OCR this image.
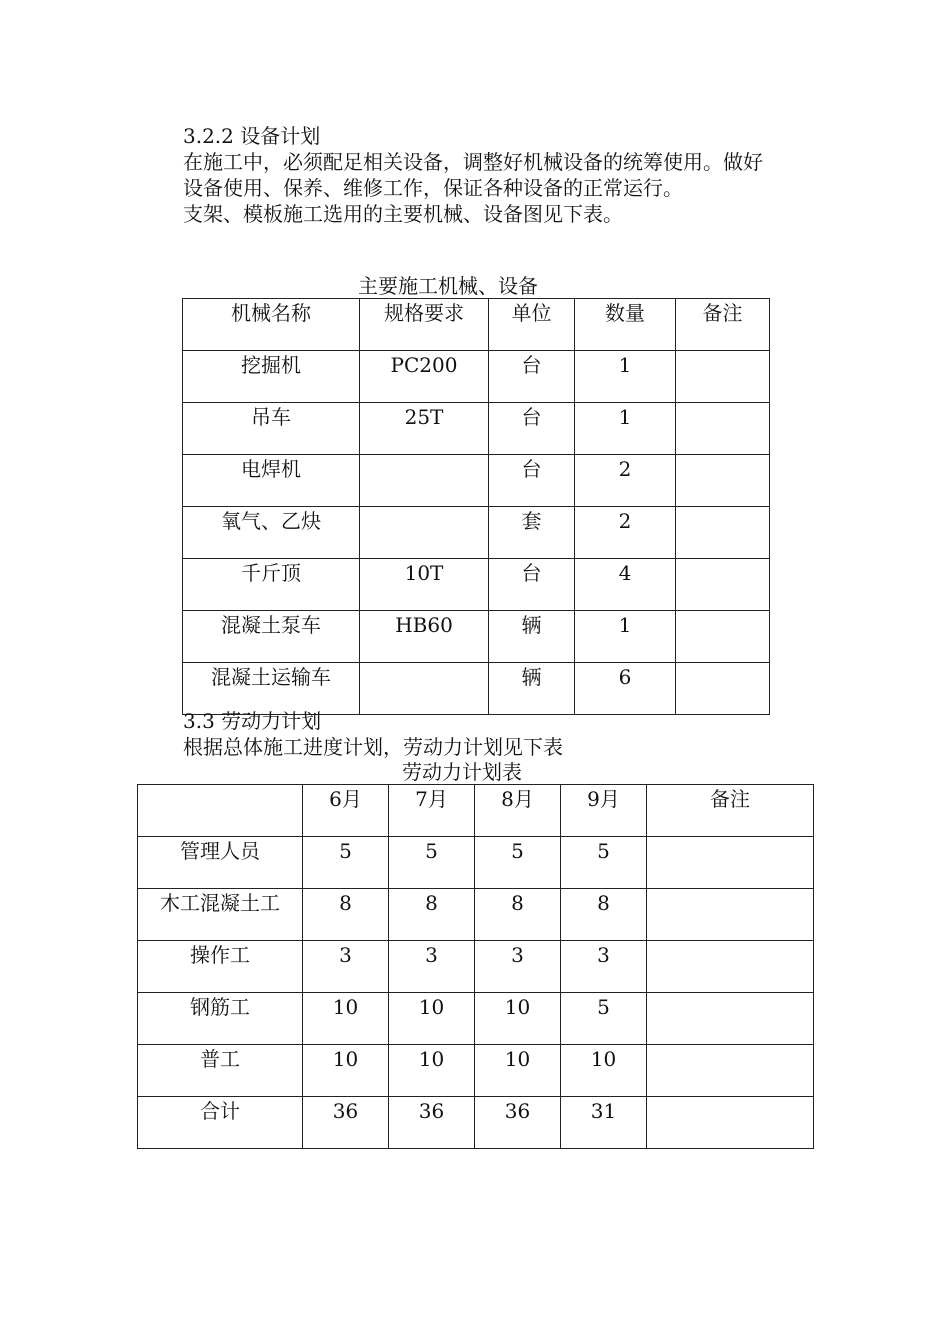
3.2.2 设备计划
在施工中，必须配足相关设备，调整好机械设备的统筹使用。做好
设备使用、保养、维修工作，保证各种设备的正常运行。
支架、模板施工选用的主要机械、设备图见下表。
主要施工机械、设备
机械名称	规格要求	单位	数量	备注
挖掘机	PC200	台	1	
吊车	25T	台	1	
电焊机		台	2	
氧气、乙炔		套	2	
千斤顶	10T	台	4	
混凝土泵车	HB60	辆	1	
混凝土运输车		辆	6	
3.3 劳动力计划
根据总体施工进度计划，劳动力计划见下表
劳动力计划表
	6月	7月	8月	9月	备注
管理人员	5	5	5	5	
木工混凝土工	8	8	8	8	
操作工	3	3	3	3	
钢筋工	10	10	10	5	
普工	10	10	10	10	
合计	36	36	36	31	
